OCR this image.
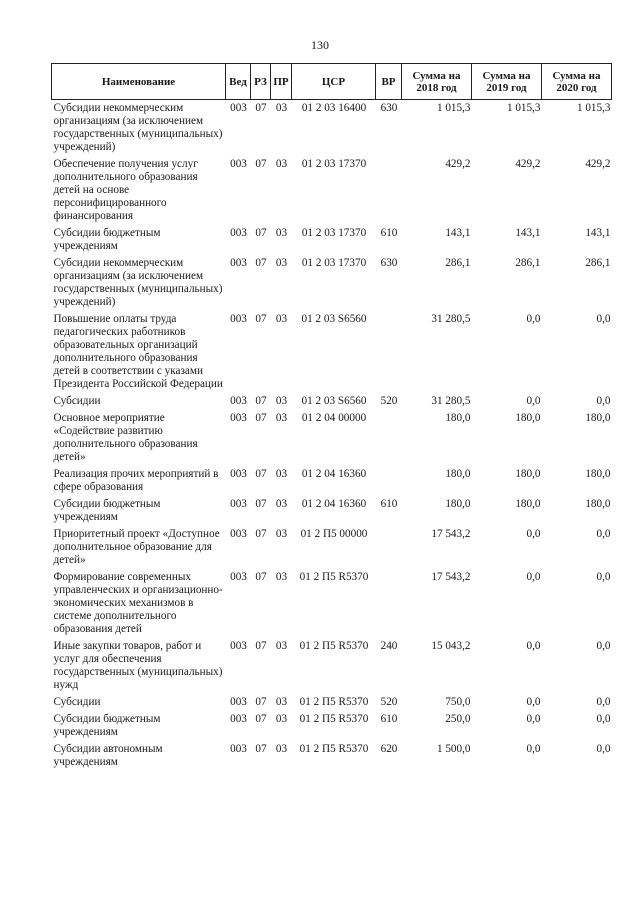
130
Наименование	Вед	РЗ	ПР	ЦСР	ВР	Сумма на 2018 год	Сумма на 2019 год	Сумма на 2020 год
Субсидии некоммерческим организациям (за исключением государственных (муниципальных) учреждений)	003	07	03	01 2 03 16400	630	1 015,3	1 015,3	1 015,3
Обеспечение получения услуг дополнительного образования детей на основе персонифицированного финансирования	003	07	03	01 2 03 17370		429,2	429,2	429,2
Субсидии бюджетным учреждениям	003	07	03	01 2 03 17370	610	143,1	143,1	143,1
Субсидии некоммерческим организациям (за исключением государственных (муниципальных) учреждений)	003	07	03	01 2 03 17370	630	286,1	286,1	286,1
Повышение оплаты труда педагогических работников образовательных организаций дополнительного образования детей в соответствии с указами Президента Российской Федерации	003	07	03	01 2 03 S6560		31 280,5	0,0	0,0
Субсидии	003	07	03	01 2 03 S6560	520	31 280,5	0,0	0,0
Основное мероприятие «Содействие развитию дополнительного образования детей»	003	07	03	01 2 04 00000		180,0	180,0	180,0
Реализация прочих мероприятий в сфере образования	003	07	03	01 2 04 16360		180,0	180,0	180,0
Субсидии бюджетным учреждениям	003	07	03	01 2 04 16360	610	180,0	180,0	180,0
Приоритетный проект «Доступное дополнительное образование для детей»	003	07	03	01 2 П5 00000		17 543,2	0,0	0,0
Формирование современных управленческих и организационно-экономических механизмов в системе дополнительного образования детей	003	07	03	01 2 П5 R5370		17 543,2	0,0	0,0
Иные закупки товаров, работ и услуг для обеспечения государственных (муниципальных) нужд	003	07	03	01 2 П5 R5370	240	15 043,2	0,0	0,0
Субсидии	003	07	03	01 2 П5 R5370	520	750,0	0,0	0,0
Субсидии бюджетным учреждениям	003	07	03	01 2 П5 R5370	610	250,0	0,0	0,0
Субсидии автономным учреждениям	003	07	03	01 2 П5 R5370	620	1 500,0	0,0	0,0
